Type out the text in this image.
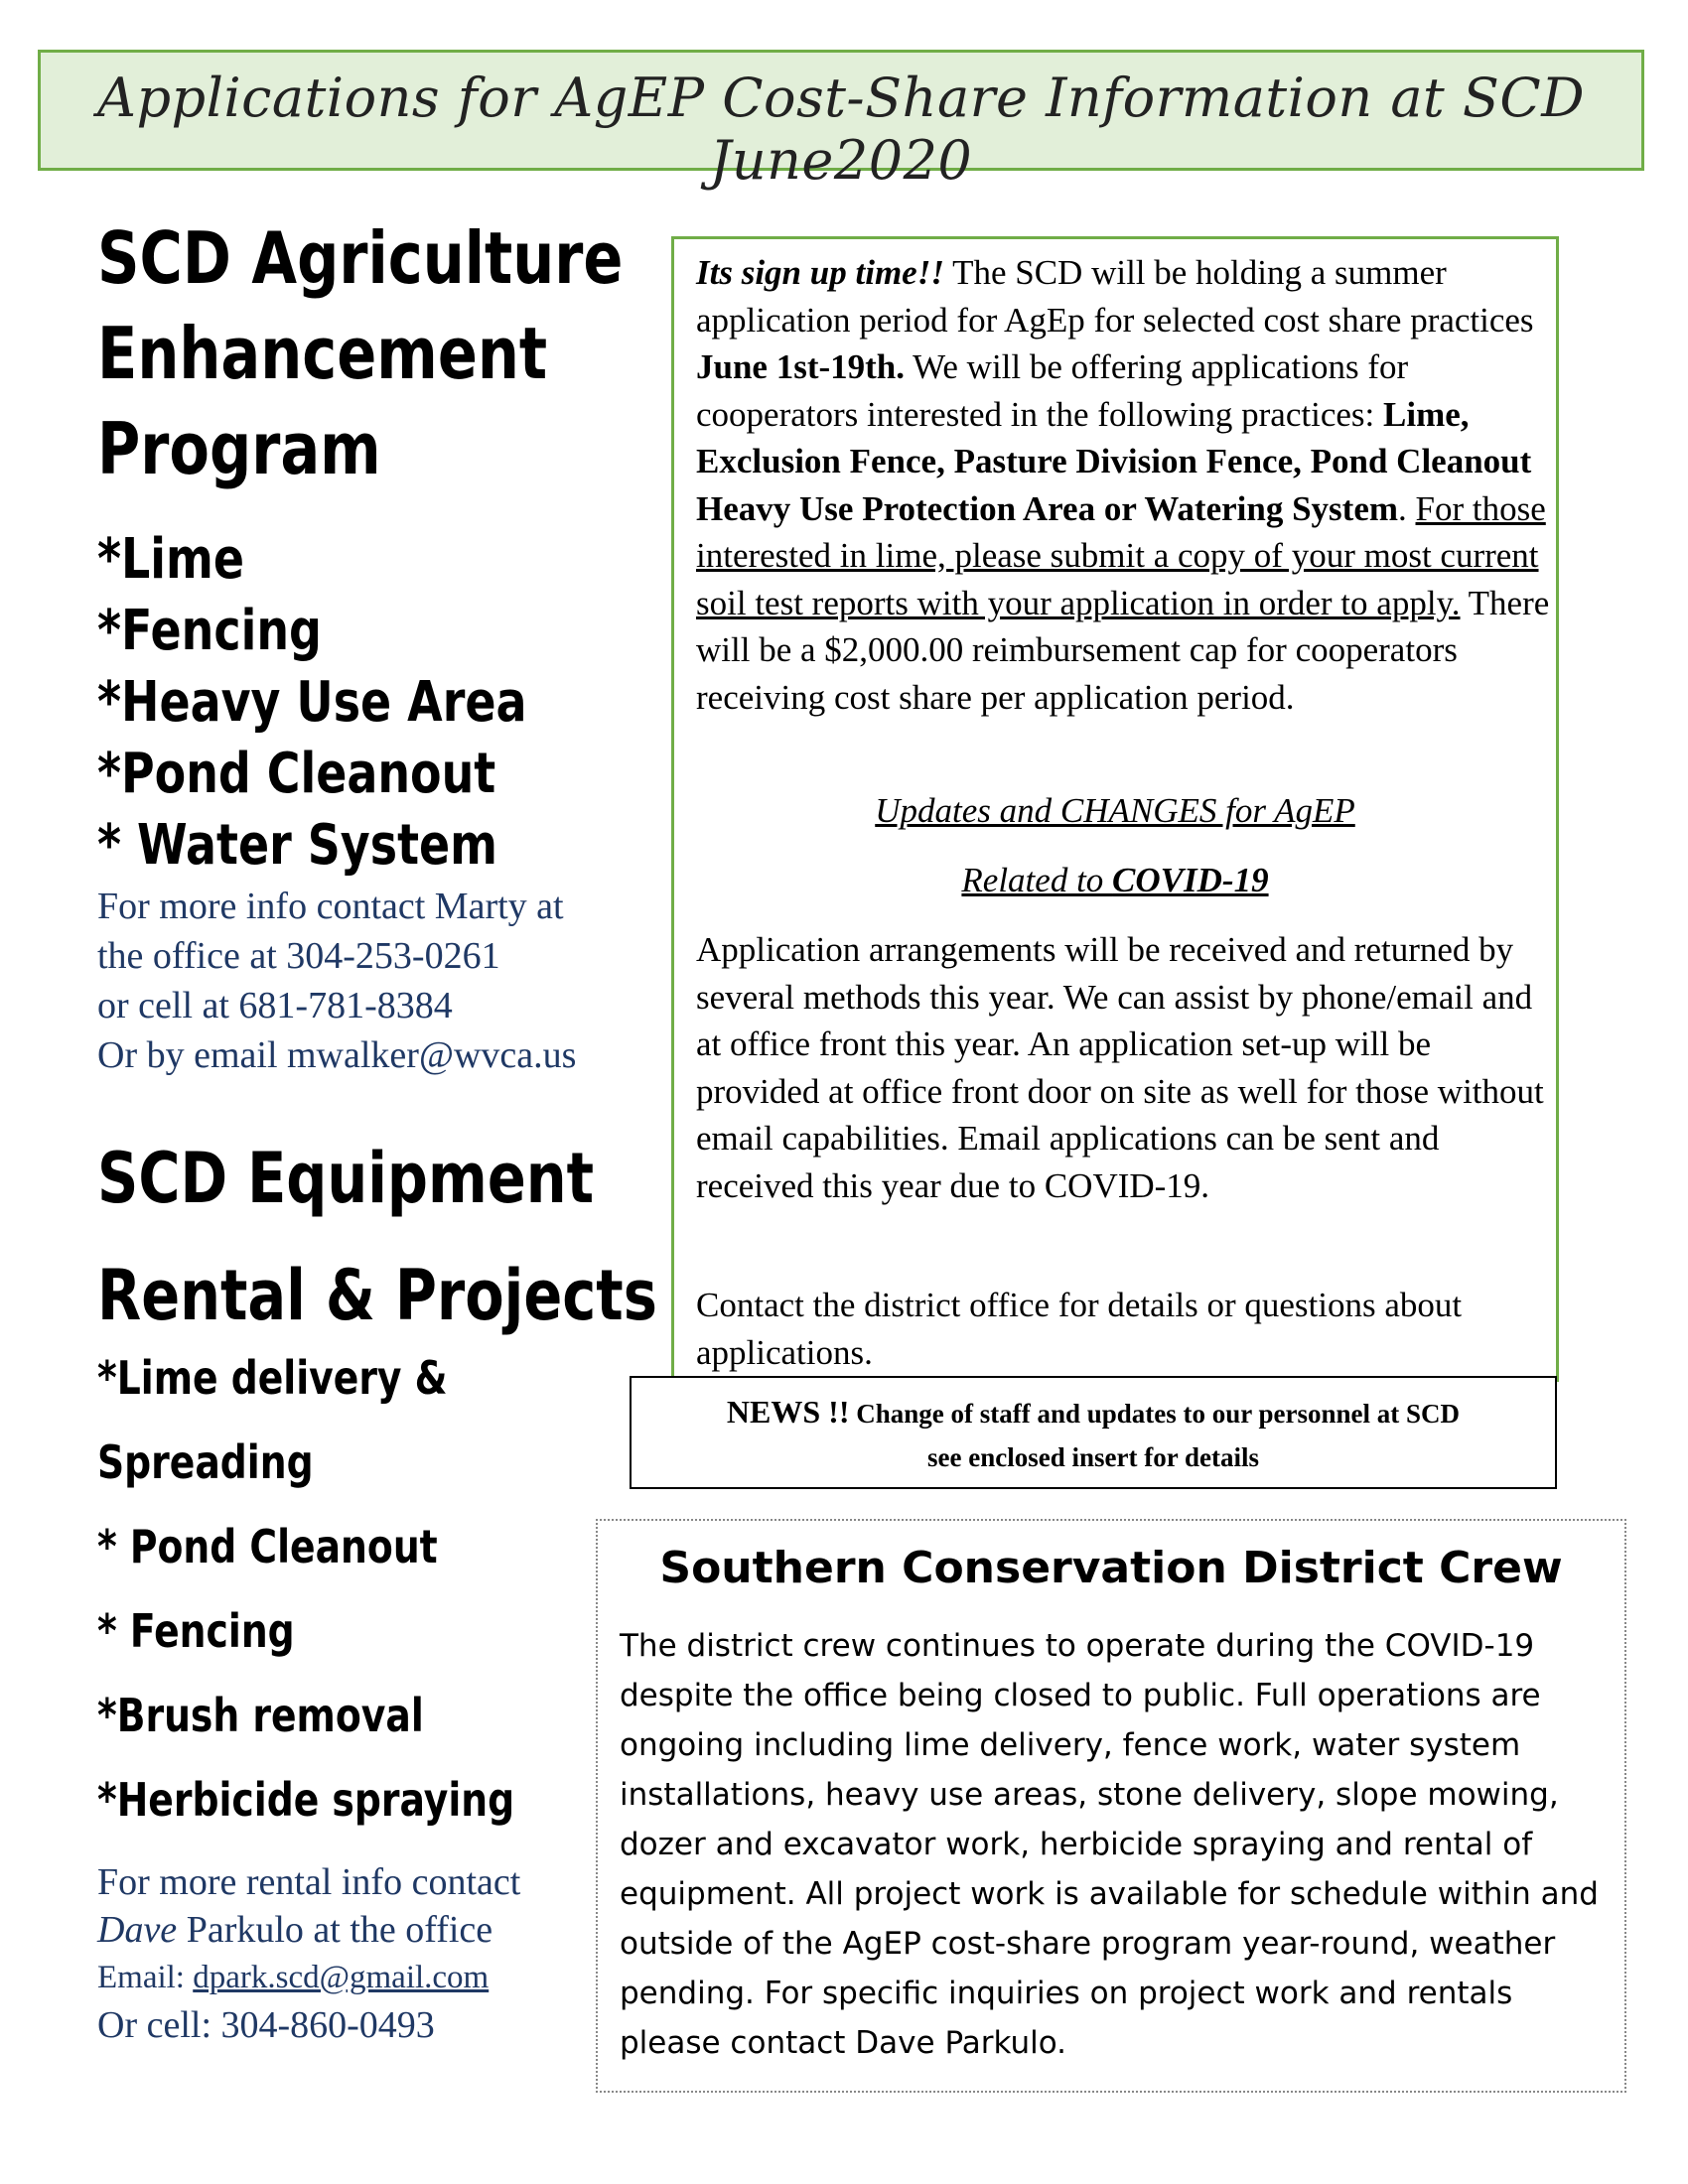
Applications for AgEP Cost-Share Information at SCD June2020
SCD Agriculture
Enhancement
Program
*Lime
*Fencing
*Heavy Use Area
*Pond Cleanout
* Water System
For more info contact Marty at
the office at 304-253-0261
or cell at 681-781-8384
Or by email mwalker@wvca.us
SCD Equipment
Rental & Projects
*Lime delivery &
Spreading
* Pond Cleanout
* Fencing
*Brush removal
*Herbicide spraying
For more rental info contact
Dave Parkulo at the office
Email: dpark.scd@gmail.com
Or cell: 304-860-0493
Its sign up time!! The SCD will be holding a summer application period for AgEp for selected cost share practices June 1st-19th. We will be offering applications for cooperators interested in the following practices: Lime, Exclusion Fence, Pasture Division Fence, Pond Cleanout Heavy Use Protection Area or Watering System. For those interested in lime, please submit a copy of your most current soil test reports with your application in order to apply. There will be a $2,000.00 reimbursement cap for cooperators receiving cost share per application period.
Updates and CHANGES for AgEP
Related to COVID-19
Application arrangements will be received and returned by several methods this year. We can assist by phone/email and at office front this year. An application set-up will be provided at office front door on site as well for those without email capabilities. Email applications can be sent and received this year due to COVID-19.
Contact the district office for details or questions about applications.
NEWS !! Change of staff and updates to our personnel at SCD
see enclosed insert for details
Southern Conservation District Crew

The district crew continues to operate during the COVID-19 despite the office being closed to public. Full operations are ongoing including lime delivery, fence work, water system installations, heavy use areas, stone delivery, slope mowing, dozer and excavator work, herbicide spraying and rental of equipment. All project work is available for schedule within and outside of the AgEP cost-share program year-round, weather pending. For specific inquiries on project work and rentals please contact Dave Parkulo.
